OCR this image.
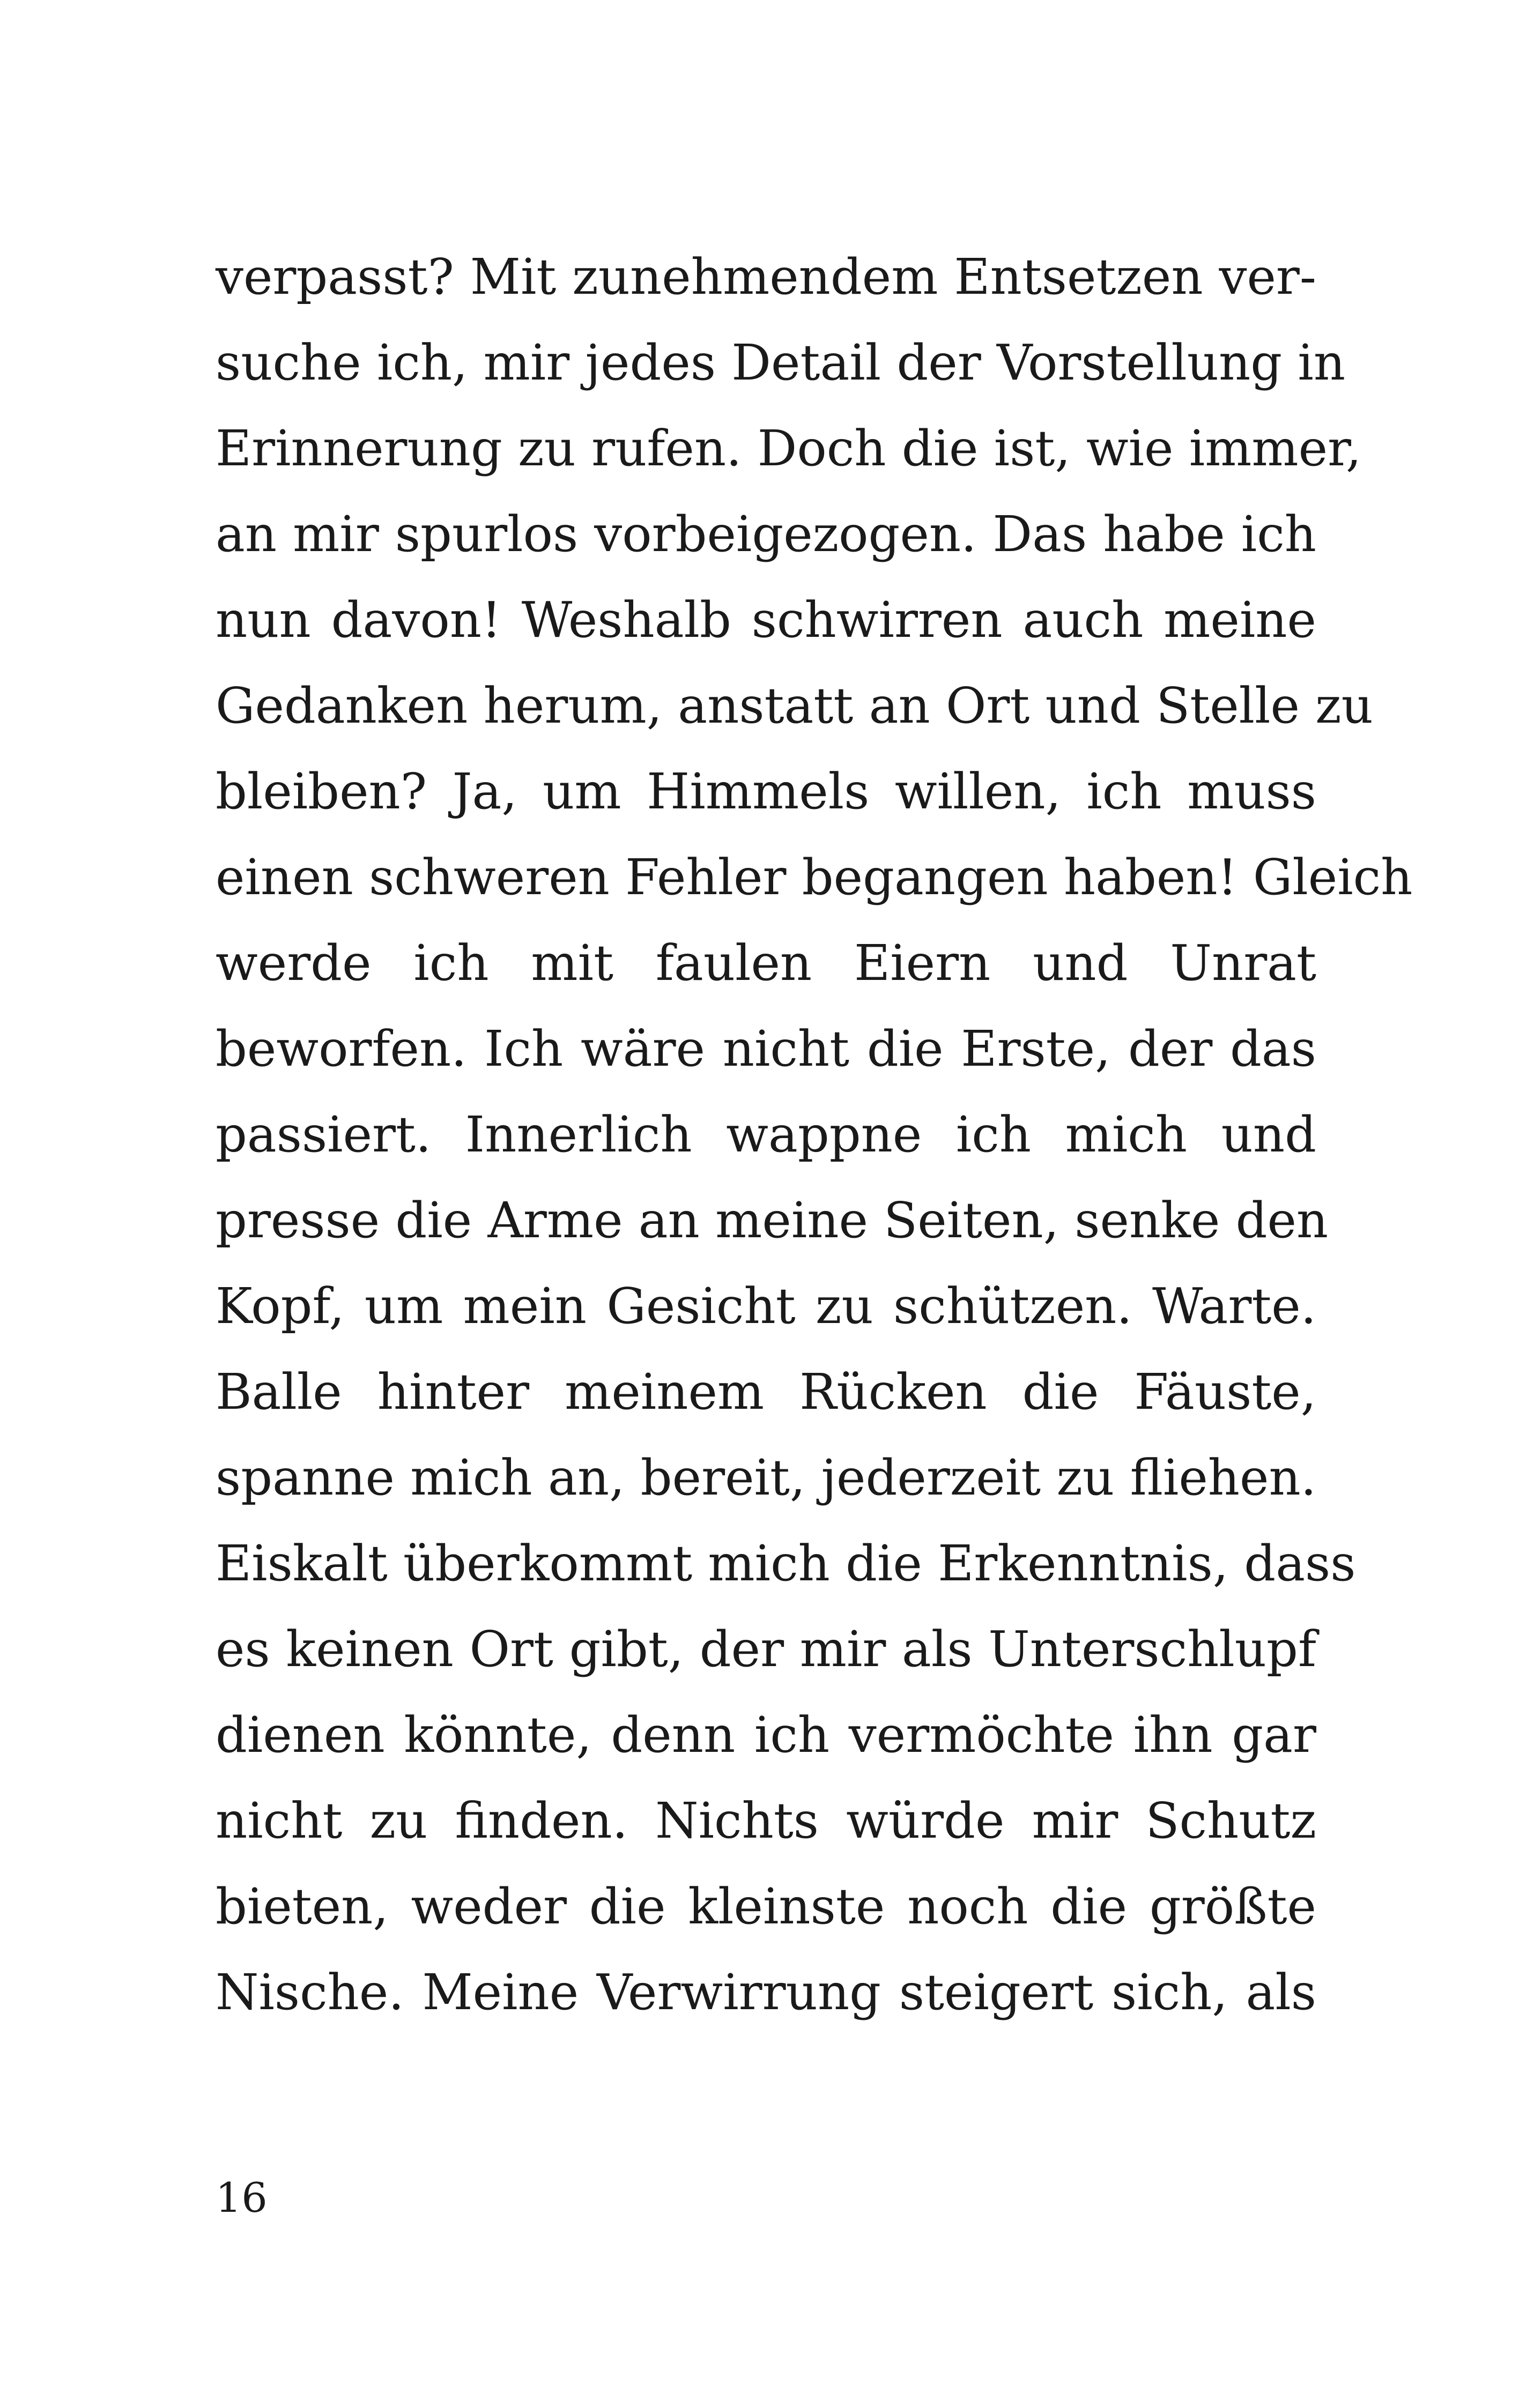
verpasst? Mit zunehmendem Entsetzen ver-
suche ich, mir jedes Detail der Vorstellung in
Erinnerung zu rufen. Doch die ist, wie immer,
an mir spurlos vorbeigezogen. Das habe ich
nun davon! Weshalb schwirren auch meine
Gedanken herum, anstatt an Ort und Stelle zu
bleiben? Ja, um Himmels willen, ich muss
einen schweren Fehler begangen haben! Gleich
werde ich mit faulen Eiern und Unrat
beworfen. Ich wäre nicht die Erste, der das
passiert. Innerlich wappne ich mich und
presse die Arme an meine Seiten, senke den
Kopf, um mein Gesicht zu schützen. Warte.
Balle hinter meinem Rücken die Fäuste,
spanne mich an, bereit, jederzeit zu fliehen.
Eiskalt überkommt mich die Erkenntnis, dass
es keinen Ort gibt, der mir als Unterschlupf
dienen könnte, denn ich vermöchte ihn gar
nicht zu finden. Nichts würde mir Schutz
bieten, weder die kleinste noch die größte
Nische. Meine Verwirrung steigert sich, als
16
